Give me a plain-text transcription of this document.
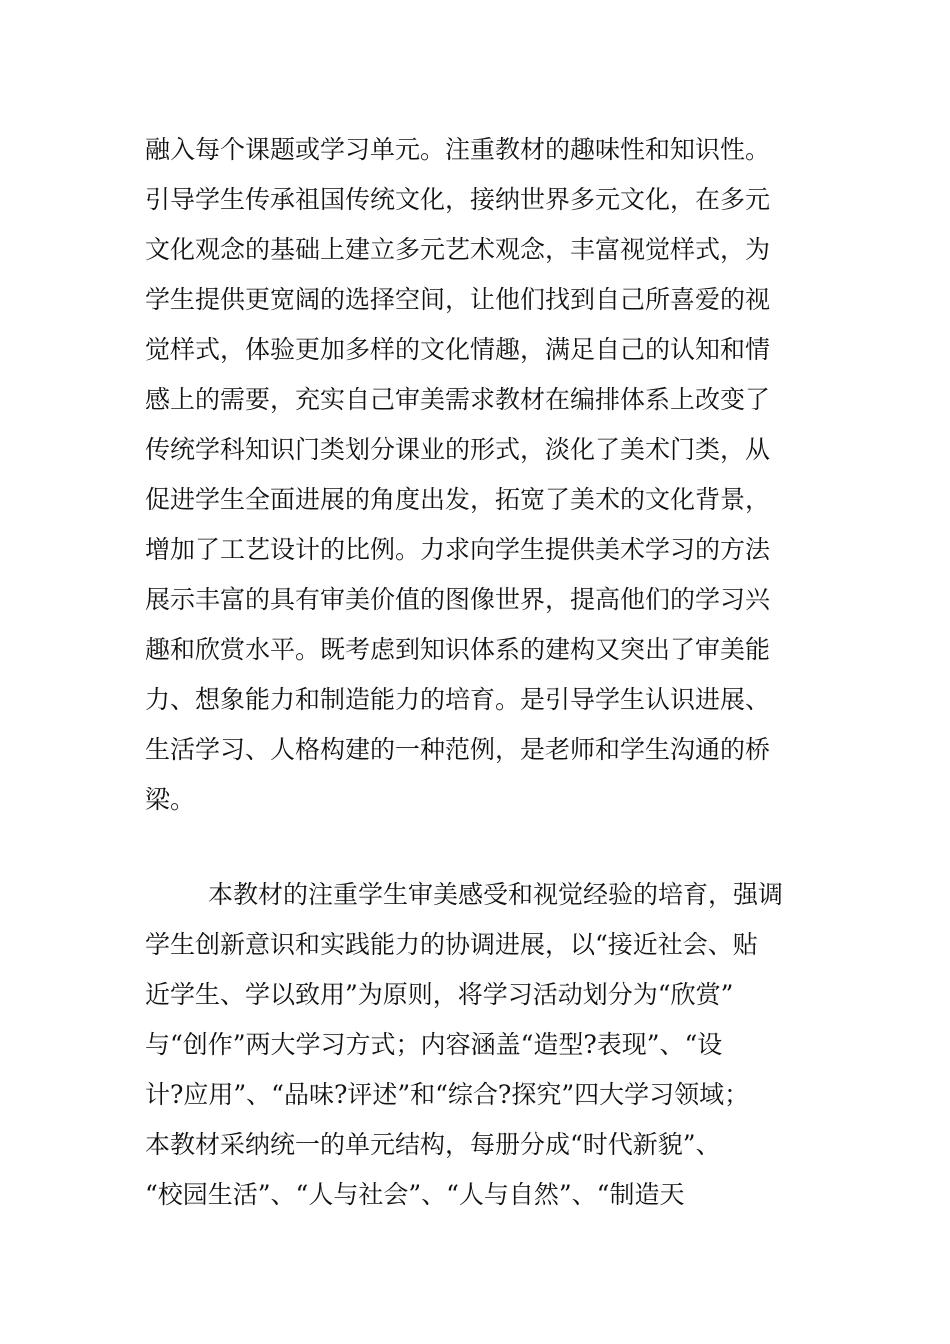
融入每个课题或学习单元。注重教材的趣味性和知识性。
引导学生传承祖国传统文化，接纳世界多元文化，在多元
文化观念的基础上建立多元艺术观念，丰富视觉样式，为
学生提供更宽阔的选择空间，让他们找到自己所喜爱的视
觉样式，体验更加多样的文化情趣，满足自己的认知和情
感上的需要，充实自己审美需求教材在编排体系上改变了
传统学科知识门类划分课业的形式，淡化了美术门类，从
促进学生全面进展的角度出发，拓宽了美术的文化背景，
增加了工艺设计的比例。力求向学生提供美术学习的方法
展示丰富的具有审美价值的图像世界，提高他们的学习兴
趣和欣赏水平。既考虑到知识体系的建构又突出了审美能
力、想象能力和制造能力的培育。是引导学生认识进展、
生活学习、人格构建的一种范例，是老师和学生沟通的桥
梁。
本教材的注重学生审美感受和视觉经验的培育，强调
学生创新意识和实践能力的协调进展，以“接近社会、贴
近学生、学以致用”为原则，将学习活动划分为“欣赏”
与“创作”两大学习方式；内容涵盖“造型?表现”、“设
计?应用”、“品味?评述”和“综合?探究”四大学习领域；
本教材采纳统一的单元结构，每册分成“时代新貌”、
“校园生活”、“人与社会”、“人与自然”、“制造天
